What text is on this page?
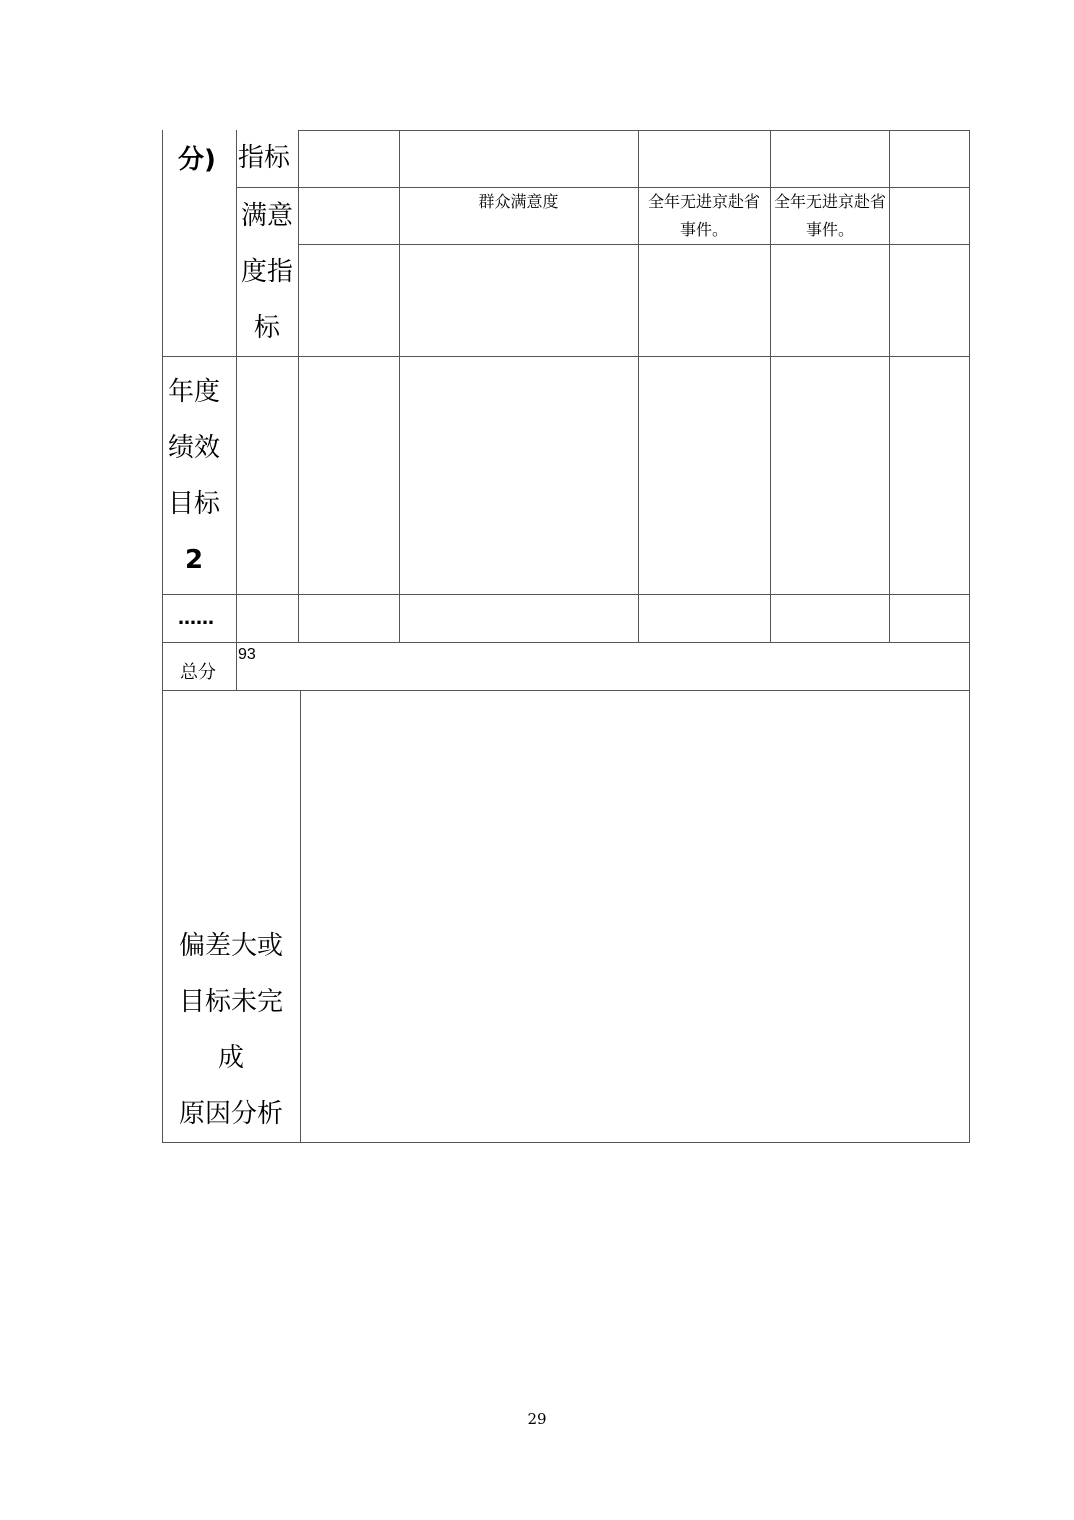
分) 指标
满意
度指
标
群众满意度	全年无进京赴省事件。
全年无进京赴省事件。
年度
绩效
目标
2
……
总分
93
偏差大或
目标未完
成
原因分析
29
